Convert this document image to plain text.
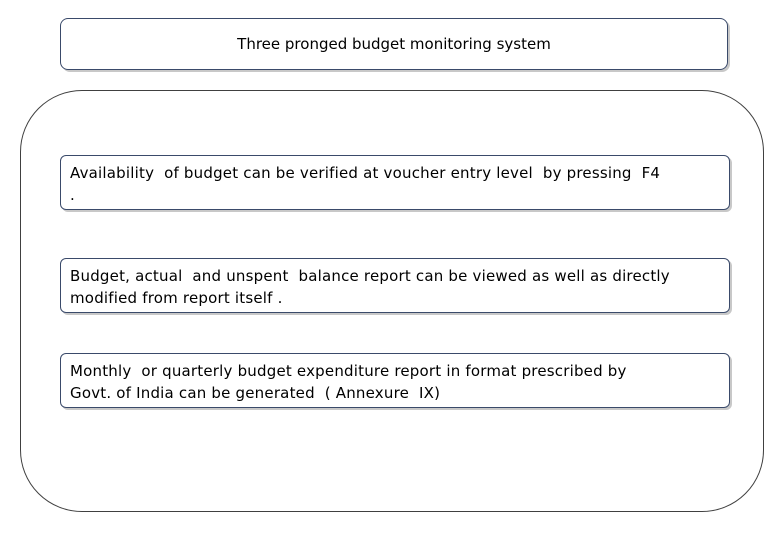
Three pronged budget monitoring system
Availability  of budget can be verified at voucher entry level  by pressing  F4
.
Budget, actual  and unspent  balance report can be viewed as well as directly
modified from report itself .
Monthly  or quarterly budget expenditure report in format prescribed by
Govt. of India can be generated  ( Annexure  IX)
